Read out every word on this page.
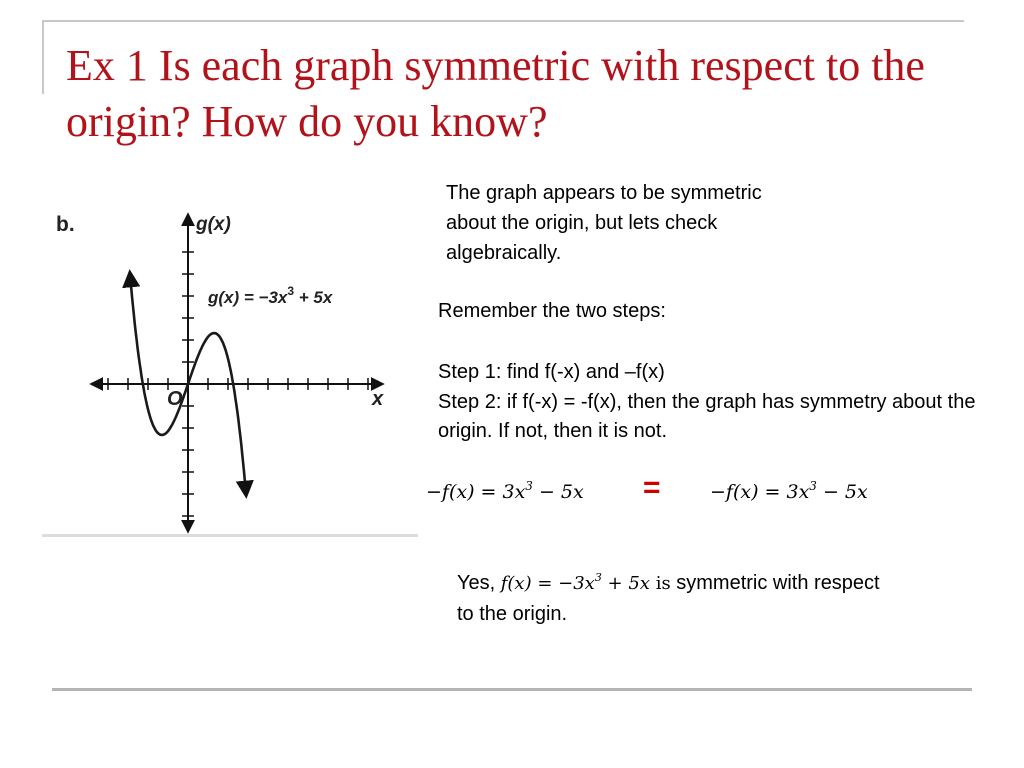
Ex 1 Is each graph symmetric with respect to the origin? How do you know?
b.	g(x)
x
O
$g(x) = -3x^3 + 5x$

The graph appears to be symmetric about the origin, but lets check algebraically.

Remember the two steps:

Step 1: find f(-x) and –f(x)

Step 2: if f(-x) = -f(x), then the graph has symmetry about the origin. If not, then it is not.

−𝑓(𝑥) = 3𝑥$^3$ − 5𝑥 =	−𝑓(𝑥) = 3𝑥$^3$ − 5𝑥

Yes, 𝑓(𝑥) = −3𝑥$^3$ + 5𝑥 is symmetric with respect to the origin.
